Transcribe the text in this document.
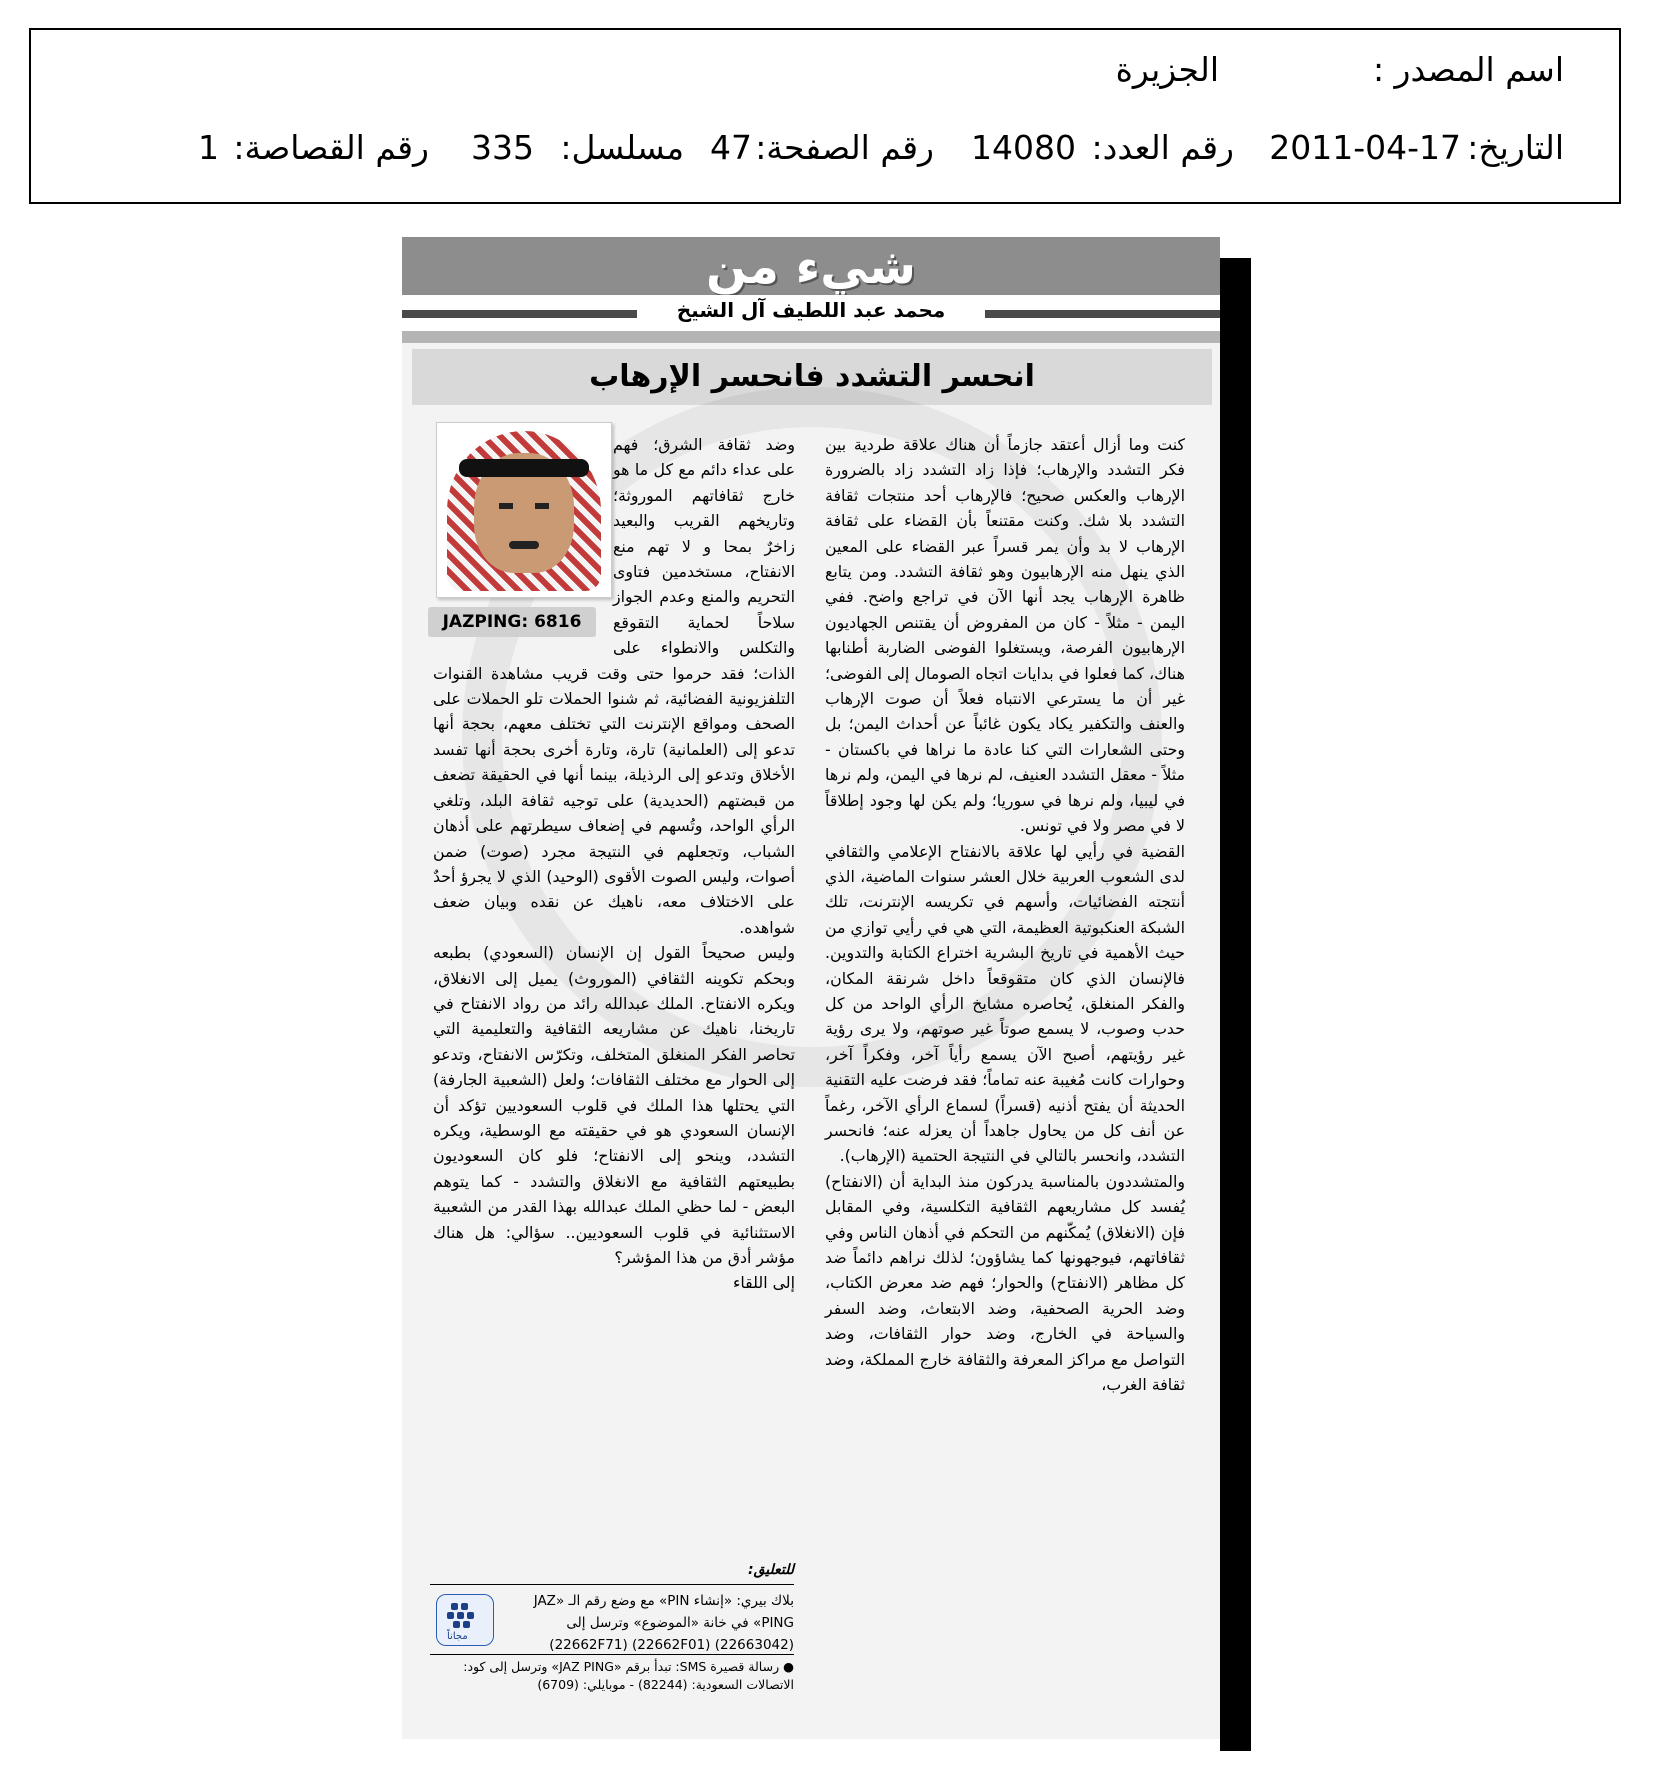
اسم المصدر :
الجزيرة
التاريخ:
2011-04-17
رقم العدد:
14080
رقم الصفحة:
47
مسلسل:
335
رقم القصاصة:
1
شيء من
محمد عبد اللطيف آل الشيخ
انحسر التشدد فانحسر الإرهاب

كنت وما أزال أعتقد جازماً أن هناك علاقة طردية بين فكر التشدد والإرهاب؛ فإذا زاد التشدد زاد بالضرورة الإرهاب والعكس صحيح؛ فالإرهاب أحد منتجات ثقافة التشدد بلا شك. وكنت مقتنعاً بأن القضاء على ثقافة الإرهاب لا بد وأن يمر قسراً عبر القضاء على المعين الذي ينهل منه الإرهابيون وهو ثقافة التشدد. ومن يتابع ظاهرة الإرهاب يجد أنها الآن في تراجع واضح. ففي اليمن - مثلاً - كان من المفروض أن يقتنص الجهاديون الإرهابيون الفرصة، ويستغلوا الفوضى الضاربة أطنابها هناك، كما فعلوا في بدايات اتجاه الصومال إلى الفوضى؛ غير أن ما يسترعي الانتباه فعلاً أن صوت الإرهاب والعنف والتكفير يكاد يكون غائباً عن أحداث اليمن؛ بل وحتى الشعارات التي كنا عادة ما نراها في باكستان - مثلاً - معقل التشدد العنيف، لم نرها في اليمن، ولم نرها في ليبيا، ولم نرها في سوريا؛ ولم يكن لها وجود إطلاقاً لا في مصر ولا في تونس.

القضية في رأيي لها علاقة بالانفتاح الإعلامي والثقافي لدى الشعوب العربية خلال العشر سنوات الماضية، الذي أنتجته الفضائيات، وأسهم في تكريسه الإنترنت، تلك الشبكة العنكبوتية العظيمة، التي هي في رأيي توازي من حيث الأهمية في تاريخ البشرية اختراع الكتابة والتدوين. فالإنسان الذي كان متقوقعاً داخل شرنقة المكان، والفكر المنغلق، يُحاصره مشايخ الرأي الواحد من كل حدب وصوب، لا يسمع صوتاً غير صوتهم، ولا يرى رؤية غير رؤيتهم، أصبح الآن يسمع رأياً آخر، وفكراً آخر، وحوارات كانت مُغيبة عنه تماماً؛ فقد فرضت عليه التقنية الحديثة أن يفتح أذنيه (قسراً) لسماع الرأي الآخر، رغماً عن أنف كل من يحاول جاهداً أن يعزله عنه؛ فانحسر التشدد، وانحسر بالتالي في النتيجة الحتمية (الإرهاب).

والمتشددون بالمناسبة يدركون منذ البداية أن (الانفتاح) يُفسد كل مشاريعهم الثقافية التكلسية، وفي المقابل فإن (الانغلاق) يُمكّنهم من التحكم في أذهان الناس وفي ثقافاتهم، فيوجهونها كما يشاؤون؛ لذلك نراهم دائماً ضد كل مظاهر (الانفتاح) والحوار؛ فهم ضد معرض الكتاب، وضد الحرية الصحفية، وضد الابتعاث، وضد السفر والسياحة في الخارج، وضد حوار الثقافات، وضد التواصل مع مراكز المعرفة والثقافة خارج المملكة، وضد ثقافة الغرب،

وضد ثقافة الشرق؛ فهم على عداء دائم مع كل ما هو خارج ثقافاتهم الموروثة؛ وتاريخهم القريب والبعيد زاخرٌ بمحا و لا تهم منع الانفتاح، مستخدمين فتاوى التحريم والمنع وعدم الجواز سلاحاً لحماية التقوقع والتكلس والانطواء على الذات؛ فقد حرموا حتى وقت قريب مشاهدة القنوات التلفزيونية الفضائية، ثم شنوا الحملات تلو الحملات على الصحف ومواقع الإنترنت التي تختلف معهم، بحجة أنها تدعو إلى (العلمانية) تارة، وتارة أخرى بحجة أنها تفسد الأخلاق وتدعو إلى الرذيلة، بينما أنها في الحقيقة تضعف من قبضتهم (الحديدية) على توجيه ثقافة البلد، وتلغي الرأي الواحد، وتُسهم في إضعاف سيطرتهم على أذهان الشباب، وتجعلهم في النتيجة مجرد (صوت) ضمن أصوات، وليس الصوت الأقوى (الوحيد) الذي لا يجرؤ أحدٌ على الاختلاف معه، ناهيك عن نقده وبيان ضعف شواهده.

وليس صحيحاً القول إن الإنسان (السعودي) بطبعه وبحكم تكوينه الثقافي (الموروث) يميل إلى الانغلاق، ويكره الانفتاح. الملك عبدالله رائد من رواد الانفتاح في تاريخنا، ناهيك عن مشاريعه الثقافية والتعليمية التي تحاصر الفكر المنغلق المتخلف، وتكرّس الانفتاح، وتدعو إلى الحوار مع مختلف الثقافات؛ ولعل (الشعبية الجارفة) التي يحتلها هذا الملك في قلوب السعوديين تؤكد أن الإنسان السعودي هو في حقيقته مع الوسطية، ويكره التشدد، وينحو إلى الانفتاح؛ فلو كان السعوديون بطبيعتهم الثقافية مع الانغلاق والتشدد - كما يتوهم البعض - لما حظي الملك عبدالله بهذا القدر من الشعبية الاستثنائية في قلوب السعوديين.. سؤالي: هل هناك مؤشر أدق من هذا المؤشر؟

إلى اللقاء

JAZPING: 6816
للتعليق:
مجاناً
بلاك بيري: «إنشاء PIN» مع وضع رقم الـ «JAZ PING» في خانة «الموضوع» وترسل إلى (22663042) (22662F01) (22662F71)
● رسالة قصيرة SMS: تبدأ برقم «JAZ PING» وترسل إلى كود: الاتصالات السعودية: (82244) - موبايلي: (6709)
